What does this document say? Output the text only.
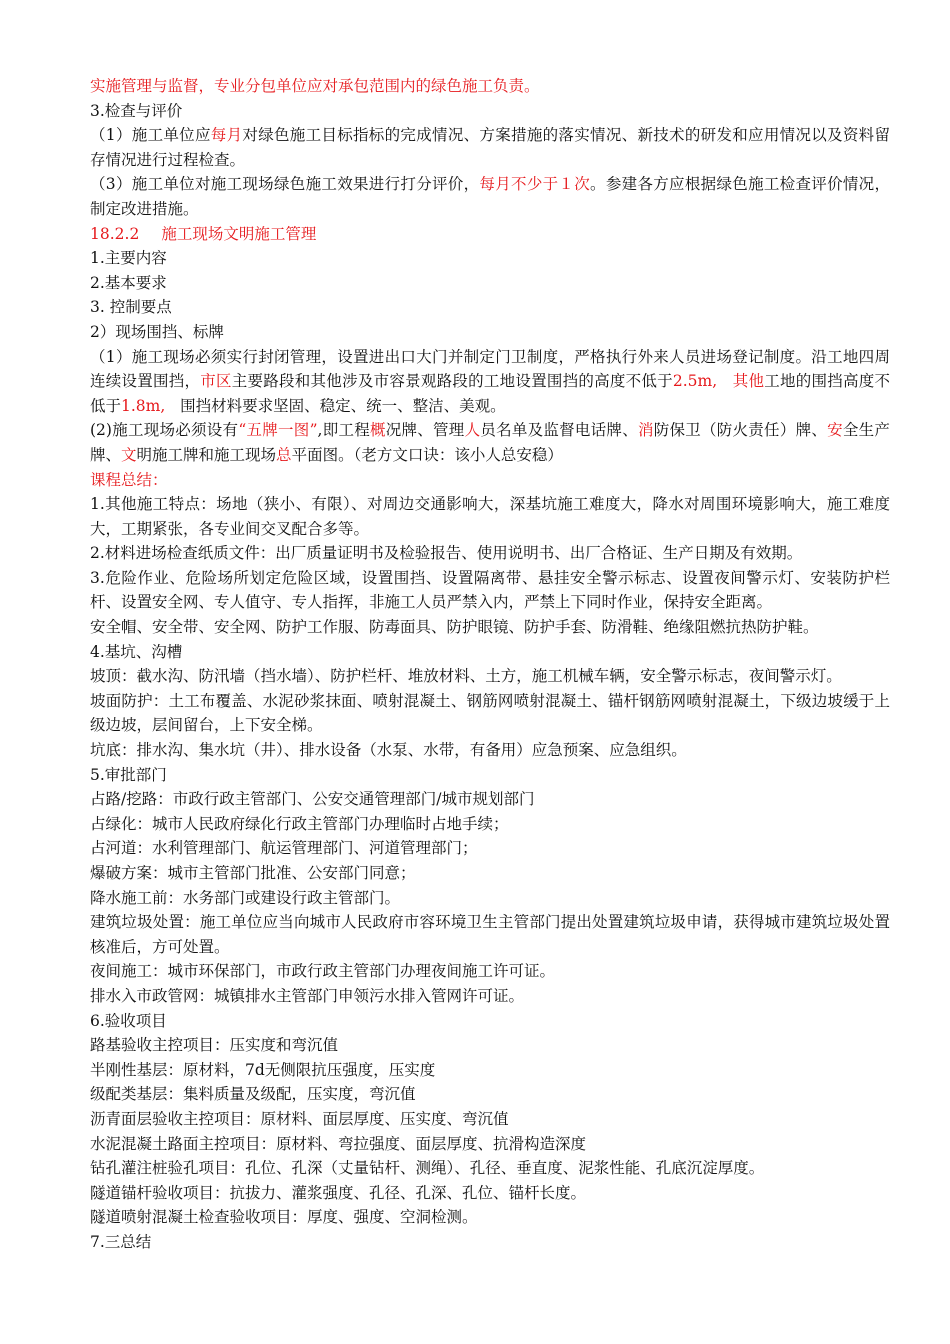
实施管理与监督，专业分包单位应对承包范围内的绿色施工负责。

3.检查与评价

（1）施工单位应每月对绿色施工目标指标的完成情况、方案措施的落实情况、新技术的研发和应用情况以及资料留存情况进行过程检查。

（3）施工单位对施工现场绿色施工效果进行打分评价，每月不少于１次。参建各方应根据绿色施工检查评价情况，制定改进措施。

18.2.2 施工现场文明施工管理

1.主要内容

2.基本要求

3. 控制要点

2）现场围挡、标牌

（1）施工现场必须实行封闭管理，设置进出口大门并制定门卫制度，严格执行外来人员进场登记制度。沿工地四周连续设置围挡，市区主要路段和其他涉及市容景观路段的工地设置围挡的高度不低于2.5m, 其他工地的围挡高度不低于1.8m, 围挡材料要求坚固、稳定、统一、整洁、美观。

(2)施工现场必须设有“五牌一图”,即工程概况牌、管理人员名单及监督电话牌、消防保卫（防火责任）牌、安全生产牌、文明施工牌和施工现场总平面图。（老方文口诀：该小人总安稳）

课程总结：

1.其他施工特点：场地（狭小、有限）、对周边交通影响大，深基坑施工难度大，降水对周围环境影响大，施工难度大，工期紧张，各专业间交叉配合多等。

2.材料进场检查纸质文件：出厂质量证明书及检验报告、使用说明书、出厂合格证、生产日期及有效期。

3.危险作业、危险场所划定危险区域，设置围挡、设置隔离带、悬挂安全警示标志、设置夜间警示灯、安装防护栏杆、设置安全网、专人值守、专人指挥，非施工人员严禁入内，严禁上下同时作业，保持安全距离。

安全帽、安全带、安全网、防护工作服、防毒面具、防护眼镜、防护手套、防滑鞋、绝缘阻燃抗热防护鞋。

4.基坑、沟槽

坡顶：截水沟、防汛墙（挡水墙）、防护栏杆、堆放材料、土方，施工机械车辆，安全警示标志，夜间警示灯。

坡面防护：土工布覆盖、水泥砂浆抹面、喷射混凝土、钢筋网喷射混凝土、锚杆钢筋网喷射混凝土，下级边坡缓于上级边坡，层间留台，上下安全梯。

坑底：排水沟、集水坑（井）、排水设备（水泵、水带，有备用）应急预案、应急组织。

5.审批部门

占路/挖路：市政行政主管部门、公安交通管理部门/城市规划部门

占绿化：城市人民政府绿化行政主管部门办理临时占地手续；

占河道：水利管理部门、航运管理部门、河道管理部门；

爆破方案：城市主管部门批准、公安部门同意；

降水施工前：水务部门或建设行政主管部门。

建筑垃圾处置：施工单位应当向城市人民政府市容环境卫生主管部门提出处置建筑垃圾申请，获得城市建筑垃圾处置核准后，方可处置。

夜间施工：城市环保部门，市政行政主管部门办理夜间施工许可证。

排水入市政管网：城镇排水主管部门申领污水排入管网许可证。

6.验收项目

路基验收主控项目：压实度和弯沉值

半刚性基层：原材料，7d无侧限抗压强度，压实度

级配类基层：集料质量及级配，压实度，弯沉值

沥青面层验收主控项目：原材料、面层厚度、压实度、弯沉值

水泥混凝土路面主控项目：原材料、弯拉强度、面层厚度、抗滑构造深度

钻孔灌注桩验孔项目：孔位、孔深（丈量钻杆、测绳）、孔径、垂直度、泥浆性能、孔底沉淀厚度。

隧道锚杆验收项目：抗拔力、灌浆强度、孔径、孔深、孔位、锚杆长度。

隧道喷射混凝土检查验收项目：厚度、强度、空洞检测。

7.三总结
